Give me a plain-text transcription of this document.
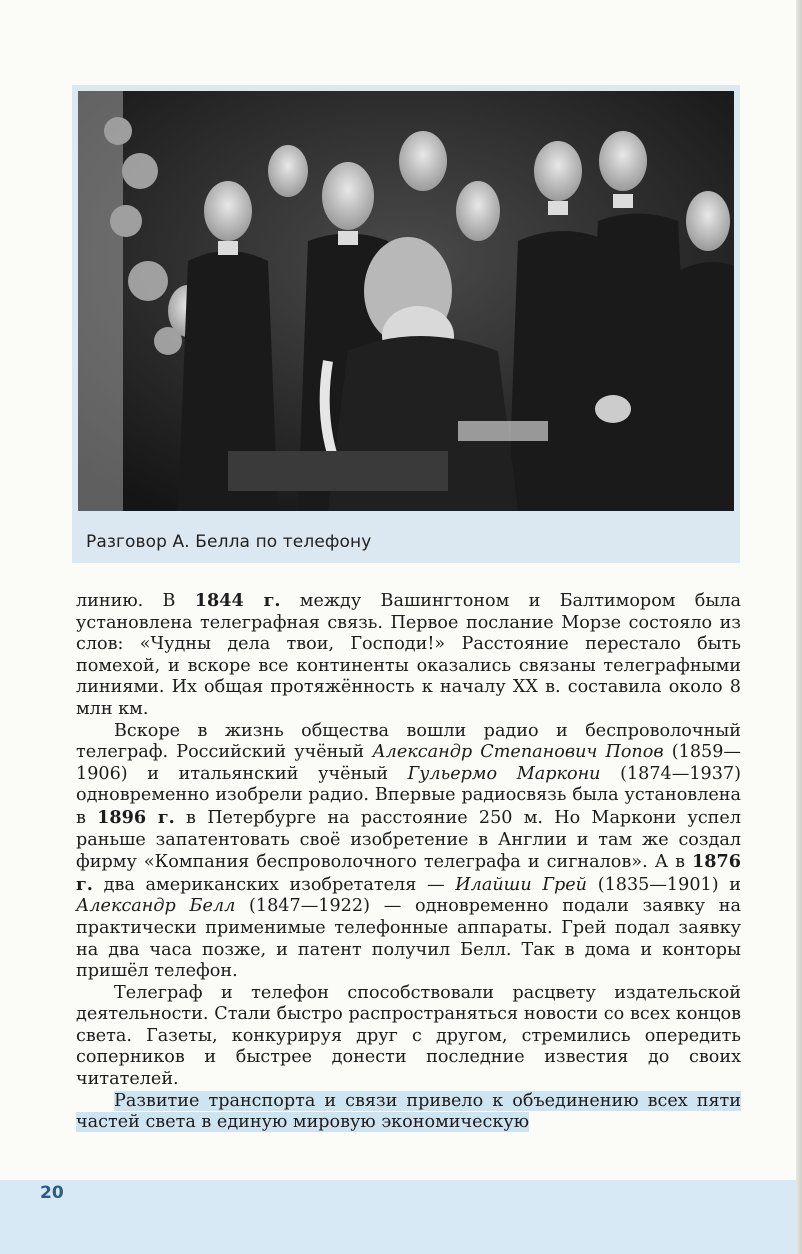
Разговор А. Белла по телефону

линию. В 1844 г. между Вашингтоном и Балтимором была установлена телеграфная связь. Первое послание Морзе состояло из слов: «Чудны дела твои, Господи!» Расстояние перестало быть помехой, и вскоре все континенты оказались связаны телеграфными линиями. Их общая протяжённость к началу XX в. составила около 8 млн км.

Вскоре в жизнь общества вошли радио и беспроволочный телеграф. Российский учёный Александр Степанович Попов (1859—1906) и итальянский учёный Гульермо Маркони (1874—1937) одновременно изобрели радио. Впервые радиосвязь была установлена в 1896 г. в Петербурге на расстояние 250 м. Но Маркони успел раньше запатентовать своё изобретение в Англии и там же создал фирму «Компания беспроволочного телеграфа и сигналов». А в 1876 г. два американских изобретателя — Илайши Грей (1835—1901) и Александр Белл (1847—1922) — одновременно подали заявку на практически применимые телефонные аппараты. Грей подал заявку на два часа позже, и патент получил Белл. Так в дома и конторы пришёл телефон.

Телеграф и телефон способствовали расцвету издательской деятельности. Стали быстро распространяться новости со всех концов света. Газеты, конкурируя друг с другом, стремились опередить соперников и быстрее донести последние известия до своих читателей.

Развитие транспорта и связи привело к объединению всех пяти частей света в единую мировую экономическую

20
